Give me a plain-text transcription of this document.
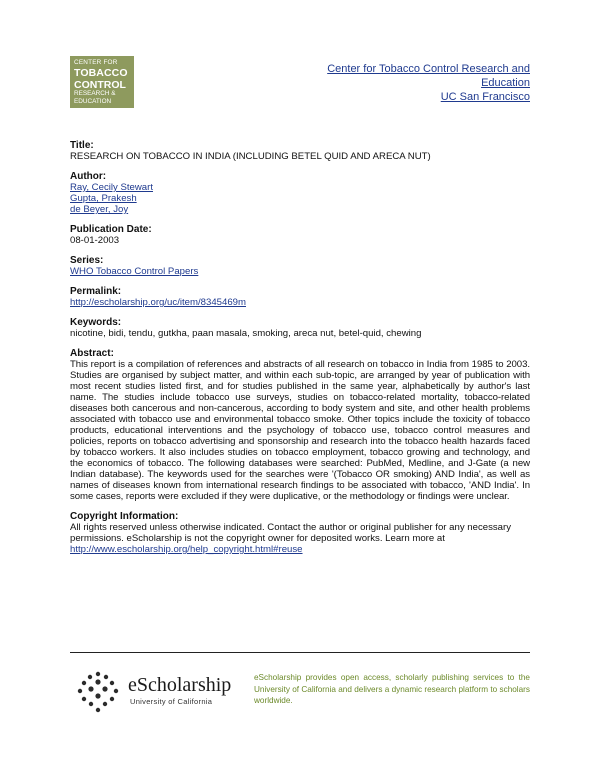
CENTER FOR
TOBACCO
CONTROL
RESEARCH &
EDUCATION
Center for Tobacco Control Research and
Education
UC San Francisco

Title:

RESEARCH ON TOBACCO IN INDIA (INCLUDING BETEL QUID AND ARECA NUT)

Author:

Ray, Cecily Stewart
Gupta, Prakesh
de Beyer, Joy

Publication Date:

08-01-2003

Series:

WHO Tobacco Control Papers

Permalink:

http://escholarship.org/uc/item/8345469m

Keywords:

nicotine, bidi, tendu, gutkha, paan masala, smoking, areca nut, betel-quid, chewing

Abstract:

This report is a compilation of references and abstracts of all research on tobacco in India from 1985 to 2003. Studies are organised by subject matter, and within each sub-topic, are arranged by year of publication with most recent studies listed first, and for studies published in the same year, alphabetically by author's last name. The studies include tobacco use surveys, studies on tobacco-related mortality, tobacco-related diseases both cancerous and non-cancerous, according to body system and site, and other health problems associated with tobacco use and environmental tobacco smoke. Other topics include the toxicity of tobacco products, educational interventions and the psychology of tobacco use, tobacco control measures and policies, reports on tobacco advertising and sponsorship and research into the tobacco health hazards faced by tobacco workers. It also includes studies on tobacco employment, tobacco growing and technology, and the economics of tobacco. The following databases were searched: PubMed, Medline, and J-Gate (a new Indian database). The keywords used for the searches were '(Tobacco OR smoking) AND India', as well as names of diseases known from international research findings to be associated with tobacco, 'AND India'. In some cases, reports were excluded if they were duplicative, or the methodology or findings were unclear.

Copyright Information:

All rights reserved unless otherwise indicated. Contact the author or original publisher for any necessary permissions. eScholarship is not the copyright owner for deposited works. Learn more at http://www.escholarship.org/help_copyright.html#reuse

eScholarship
University of California
eScholarship provides open access, scholarly publishing services to the University of California and delivers a dynamic research platform to scholars worldwide.
